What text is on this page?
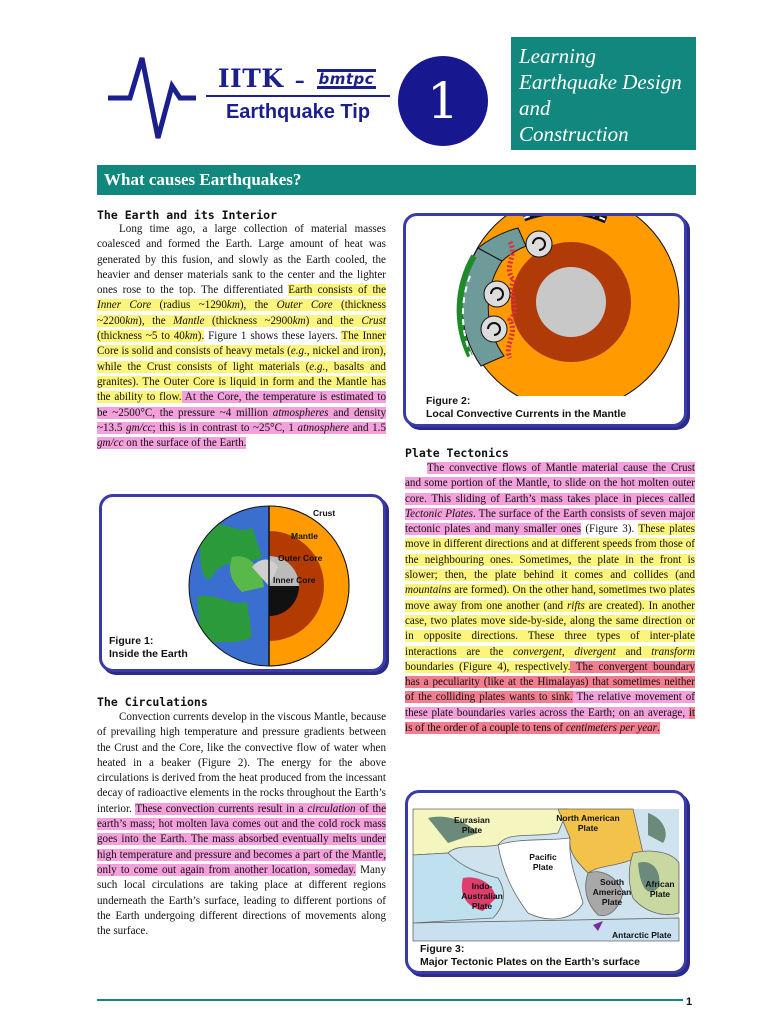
IITK – bmtpc
Earthquake Tip	1
Learning
Earthquake Design
and
Construction
What causes Earthquakes?
The Earth and its Interior

Long time ago, a large collection of material masses coalesced and formed the Earth. Large amount of heat was generated by this fusion, and slowly as the Earth cooled, the heavier and denser materials sank to the center and the lighter ones rose to the top. The differentiated Earth consists of the Inner Core (radius ~1290km), the Outer Core (thickness ~2200km), the Mantle (thickness ~2900km) and the Crust (thickness ~5 to 40km). Figure 1 shows these layers. The Inner Core is solid and consists of heavy metals (e.g., nickel and iron), while the Crust consists of light materials (e.g., basalts and granites). The Outer Core is liquid in form and the Mantle has the ability to flow. At the Core, the temperature is estimated to be ~2500°C, the pressure ~4 million atmospheres and density ~13.5 gm/cc; this is in contrast to ~25°C, 1 atmosphere and 1.5 gm/cc on the surface of the Earth.

Crust
Mantle
Outer Core
Inner Core
Figure 1:
Inside the Earth
The Circulations

Convection currents develop in the viscous Mantle, because of prevailing high temperature and pressure gradients between the Crust and the Core, like the convective flow of water when heated in a beaker (Figure 2). The energy for the above circulations is derived from the heat produced from the incessant decay of radioactive elements in the rocks throughout the Earth’s interior. These convection currents result in a circulation of the earth’s mass; hot molten lava comes out and the cold rock mass goes into the Earth. The mass absorbed eventually melts under high temperature and pressure and becomes a part of the Mantle, only to come out again from another location, someday. Many such local circulations are taking place at different regions underneath the Earth’s surface, leading to different portions of the Earth undergoing different directions of movements along the surface.

Figure 2:
Local Convective Currents in the Mantle
Plate Tectonics

The convective flows of Mantle material cause the Crust and some portion of the Mantle, to slide on the hot molten outer core. This sliding of Earth’s mass takes place in pieces called Tectonic Plates. The surface of the Earth consists of seven major tectonic plates and many smaller ones (Figure 3). These plates move in different directions and at different speeds from those of the neighbouring ones. Sometimes, the plate in the front is slower; then, the plate behind it comes and collides (and mountains are formed). On the other hand, sometimes two plates move away from one another (and rifts are created). In another case, two plates move side-by-side, along the same direction or in opposite directions. These three types of inter-plate interactions are the convergent, divergent and transform boundaries (Figure 4), respectively. The convergent boundary has a peculiarity (like at the Himalayas) that sometimes neither of the colliding plates wants to sink. The relative movement of these plate boundaries varies across the Earth; on an average, it is of the order of a couple to tens of centimeters per year.

Eurasian Plate
North American Plate
Pacific Plate
Indo-Australian Plate
South American Plate
African Plate
Antarctic Plate
Figure 3:
Major Tectonic Plates on the Earth’s surface
1
